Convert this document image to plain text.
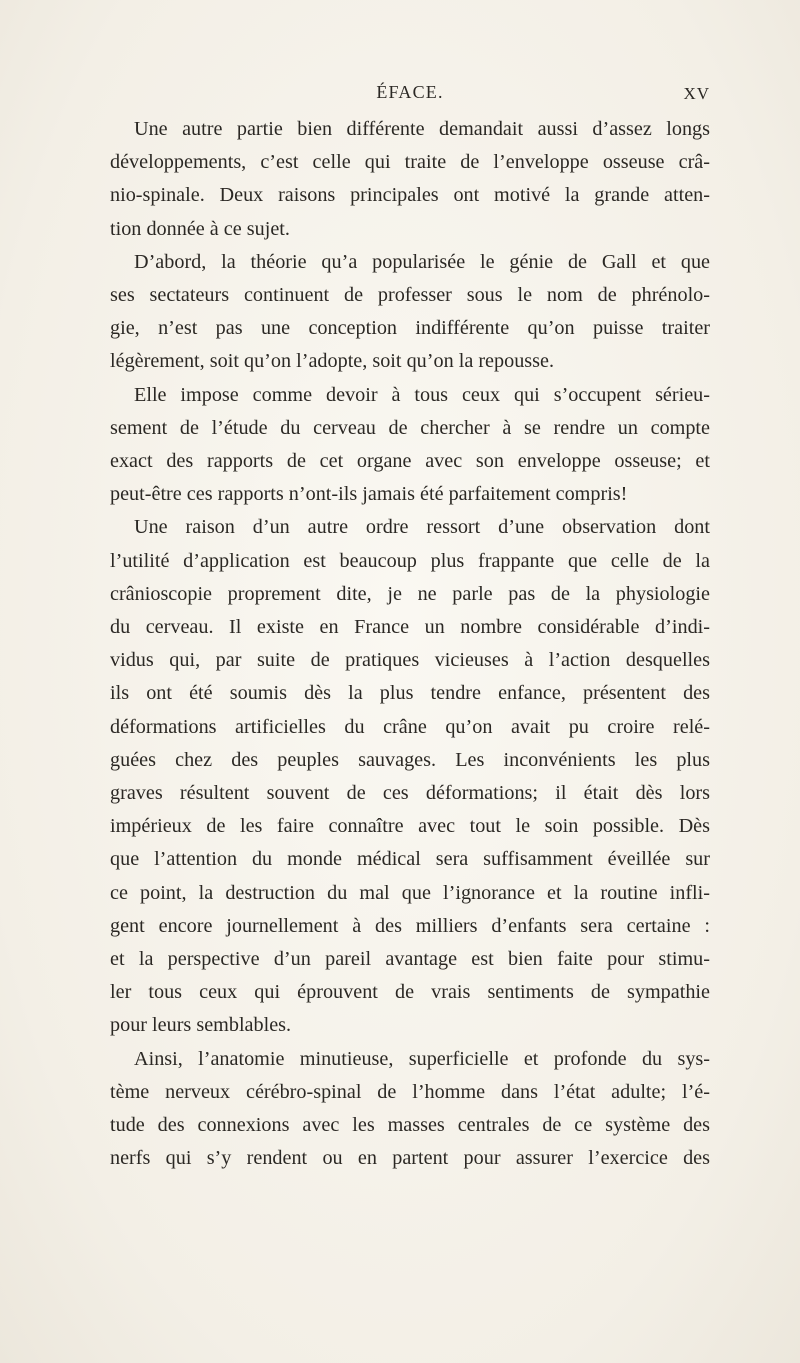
ÉFACE.	XV
Une autre partie bien différente demandait aussi d’assez longs
développements, c’est celle qui traite de l’enveloppe osseuse crâ-
nio-spinale. Deux raisons principales ont motivé la grande atten-
tion donnée à ce sujet.
D’abord, la théorie qu’a popularisée le génie de Gall et que
ses sectateurs continuent de professer sous le nom de phrénolo-
gie, n’est pas une conception indifférente qu’on puisse traiter
légèrement, soit qu’on l’adopte, soit qu’on la repousse.
Elle impose comme devoir à tous ceux qui s’occupent sérieu-
sement de l’étude du cerveau de chercher à se rendre un compte
exact des rapports de cet organe avec son enveloppe osseuse; et
peut-être ces rapports n’ont-ils jamais été parfaitement compris!
Une raison d’un autre ordre ressort d’une observation dont
l’utilité d’application est beaucoup plus frappante que celle de la
crânioscopie proprement dite, je ne parle pas de la physiologie
du cerveau. Il existe en France un nombre considérable d’indi-
vidus qui, par suite de pratiques vicieuses à l’action desquelles
ils ont été soumis dès la plus tendre enfance, présentent des
déformations artificielles du crâne qu’on avait pu croire relé-
guées chez des peuples sauvages. Les inconvénients les plus
graves résultent souvent de ces déformations; il était dès lors
impérieux de les faire connaître avec tout le soin possible. Dès
que l’attention du monde médical sera suffisamment éveillée sur
ce point, la destruction du mal que l’ignorance et la routine infli-
gent encore journellement à des milliers d’enfants sera certaine :
et la perspective d’un pareil avantage est bien faite pour stimu-
ler tous ceux qui éprouvent de vrais sentiments de sympathie
pour leurs semblables.
Ainsi, l’anatomie minutieuse, superficielle et profonde du sys-
tème nerveux cérébro-spinal de l’homme dans l’état adulte; l’é-
tude des connexions avec les masses centrales de ce système des
nerfs qui s’y rendent ou en partent pour assurer l’exercice des
